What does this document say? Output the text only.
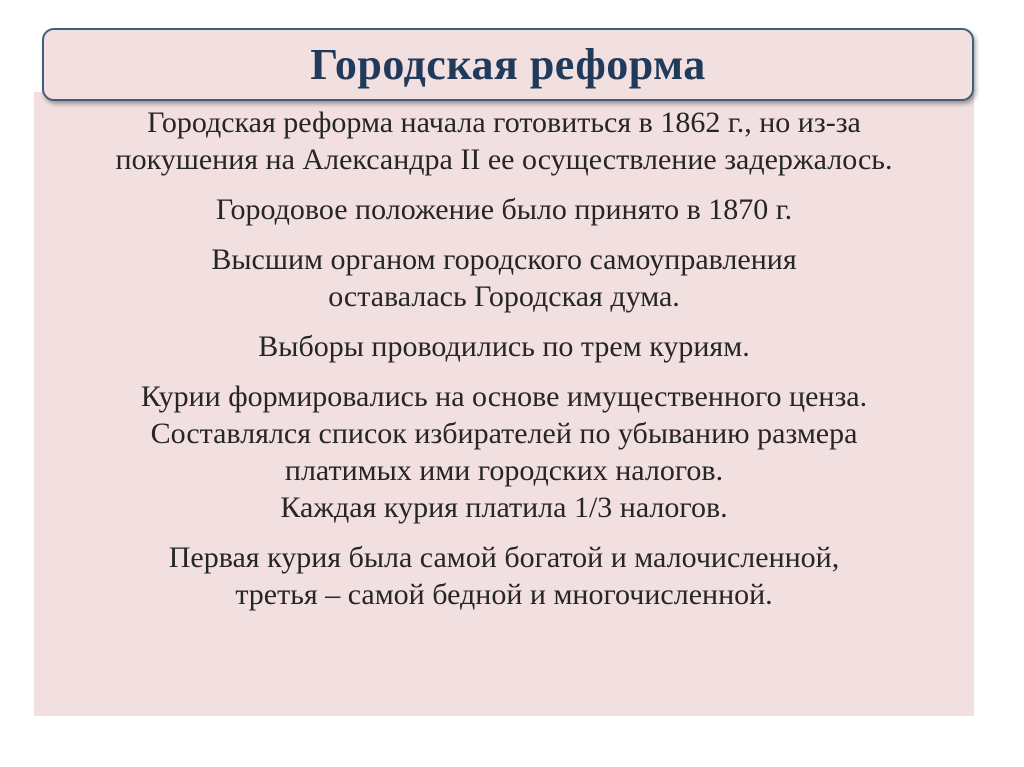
Городская реформа

Городская реформа начала готовиться в 1862 г., но из-за
покушения на Александра II ее осуществление задержалось.

Городовое положение было принято в 1870 г.

Высшим органом городского самоуправления
оставалась Городская дума.

Выборы проводились по трем куриям.

Курии формировались на основе имущественного ценза.
Составлялся список избирателей по убыванию размера
платимых ими городских налогов.
Каждая курия платила 1/3 налогов.

Первая курия была самой богатой и малочисленной,
третья – самой бедной и многочисленной.
